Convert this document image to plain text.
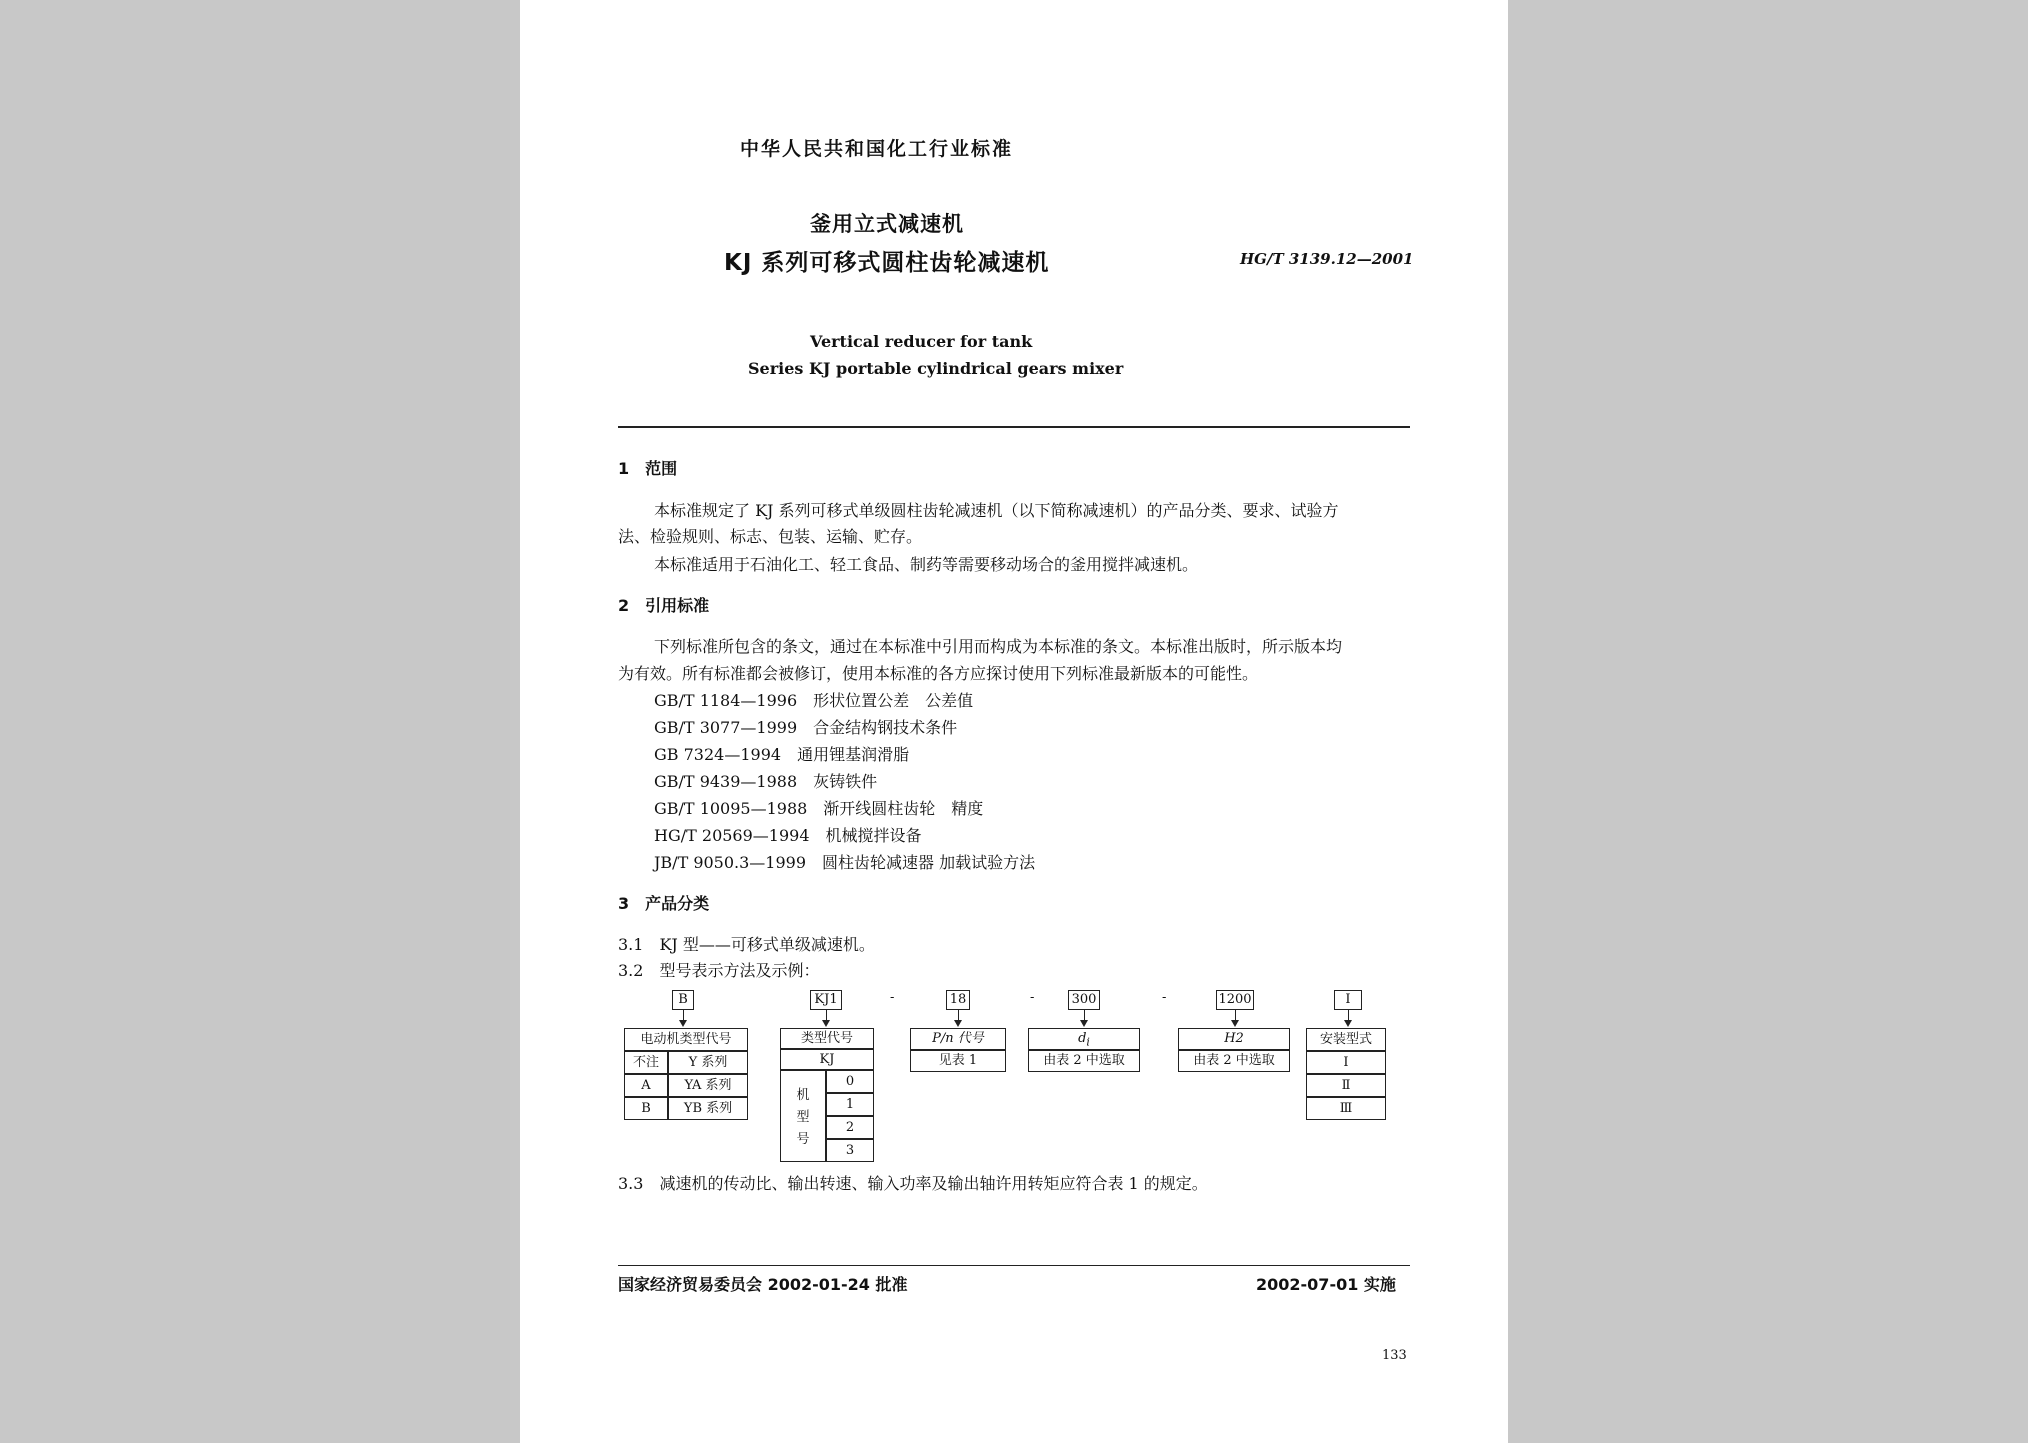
中华人民共和国化工行业标准
釜用立式减速机
KJ 系列可移式圆柱齿轮减速机	HG/T 3139.12—2001
Vertical reducer for tank
Series KJ portable cylindrical gears mixer
1　范围
本标准规定了 KJ 系列可移式单级圆柱齿轮减速机（以下简称减速机）的产品分类、要求、试验方
法、检验规则、标志、包装、运输、贮存。
本标准适用于石油化工、轻工食品、制药等需要移动场合的釜用搅拌减速机。
2　引用标准
下列标准所包含的条文，通过在本标准中引用而构成为本标准的条文。本标准出版时，所示版本均
为有效。所有标准都会被修订，使用本标准的各方应探讨使用下列标准最新版本的可能性。
GB/T 1184—1996　形状位置公差　公差值
GB/T 3077—1999　合金结构钢技术条件
GB 7324—1994　通用锂基润滑脂
GB/T 9439—1988　灰铸铁件
GB/T 10095—1988　渐开线圆柱齿轮　精度
HG/T 20569—1994　机械搅拌设备
JB/T 9050.3—1999　圆柱齿轮减速器 加载试验方法
3　产品分类
3.1　KJ 型——可移式单级减速机。
3.2　型号表示方法及示例：
B	KJ1	18	300	1200	Ⅰ
-	-	-
电动机类型代号
不注	Y 系列
A	YA 系列
B	YB 系列
类型代号
KJ
机
型
号
0
1
2
3
P/n 代号
见表 1
$d_i$
由表 2 中选取
H2
由表 2 中选取
安装型式
Ⅰ
Ⅱ
Ⅲ
3.3　减速机的传动比、输出转速、输入功率及输出轴许用转矩应符合表 1 的规定。
国家经济贸易委员会 2002-01-24 批准	2002-07-01 实施
133
